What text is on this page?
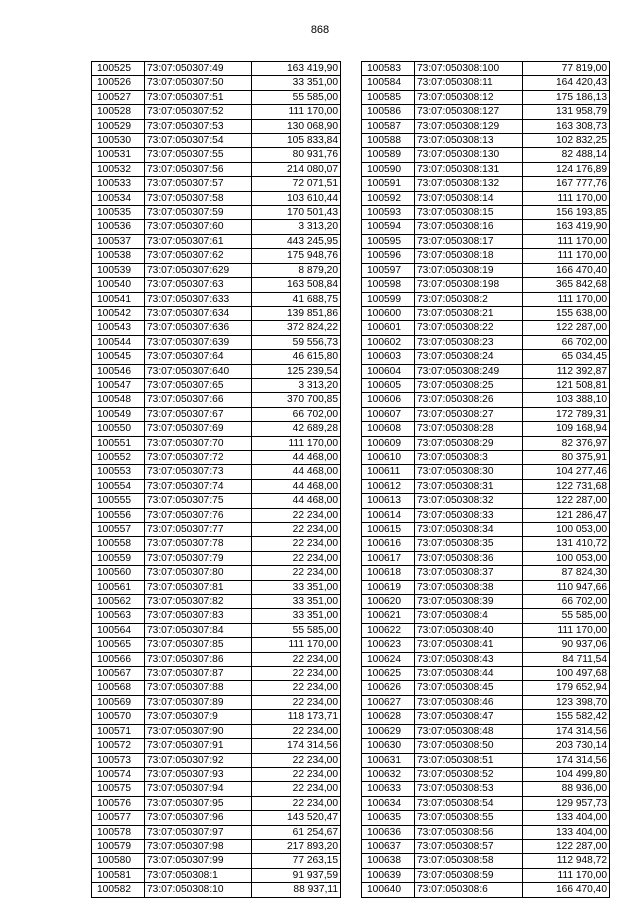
868
100525	73:07:050307:49	163 419,90
100526	73:07:050307:50	33 351,00
100527	73:07:050307:51	55 585,00
100528	73:07:050307:52	111 170,00
100529	73:07:050307:53	130 068,90
100530	73:07:050307:54	105 833,84
100531	73:07:050307:55	80 931,76
100532	73:07:050307:56	214 080,07
100533	73:07:050307:57	72 071,51
100534	73:07:050307:58	103 610,44
100535	73:07:050307:59	170 501,43
100536	73:07:050307:60	3 313,20
100537	73:07:050307:61	443 245,95
100538	73:07:050307:62	175 948,76
100539	73:07:050307:629	8 879,20
100540	73:07:050307:63	163 508,84
100541	73:07:050307:633	41 688,75
100542	73:07:050307:634	139 851,86
100543	73:07:050307:636	372 824,22
100544	73:07:050307:639	59 556,73
100545	73:07:050307:64	46 615,80
100546	73:07:050307:640	125 239,54
100547	73:07:050307:65	3 313,20
100548	73:07:050307:66	370 700,85
100549	73:07:050307:67	66 702,00
100550	73:07:050307:69	42 689,28
100551	73:07:050307:70	111 170,00
100552	73:07:050307:72	44 468,00
100553	73:07:050307:73	44 468,00
100554	73:07:050307:74	44 468,00
100555	73:07:050307:75	44 468,00
100556	73:07:050307:76	22 234,00
100557	73:07:050307:77	22 234,00
100558	73:07:050307:78	22 234,00
100559	73:07:050307:79	22 234,00
100560	73:07:050307:80	22 234,00
100561	73:07:050307:81	33 351,00
100562	73:07:050307:82	33 351,00
100563	73:07:050307:83	33 351,00
100564	73:07:050307:84	55 585,00
100565	73:07:050307:85	111 170,00
100566	73:07:050307:86	22 234,00
100567	73:07:050307:87	22 234,00
100568	73:07:050307:88	22 234,00
100569	73:07:050307:89	22 234,00
100570	73:07:050307:9	118 173,71
100571	73:07:050307:90	22 234,00
100572	73:07:050307:91	174 314,56
100573	73:07:050307:92	22 234,00
100574	73:07:050307:93	22 234,00
100575	73:07:050307:94	22 234,00
100576	73:07:050307:95	22 234,00
100577	73:07:050307:96	143 520,47
100578	73:07:050307:97	61 254,67
100579	73:07:050307:98	217 893,20
100580	73:07:050307:99	77 263,15
100581	73:07:050308:1	91 937,59
100582	73:07:050308:10	88 937,11
100583	73:07:050308:100	77 819,00
100584	73:07:050308:11	164 420,43
100585	73:07:050308:12	175 186,13
100586	73:07:050308:127	131 958,79
100587	73:07:050308:129	163 308,73
100588	73:07:050308:13	102 832,25
100589	73:07:050308:130	82 488,14
100590	73:07:050308:131	124 176,89
100591	73:07:050308:132	167 777,76
100592	73:07:050308:14	111 170,00
100593	73:07:050308:15	156 193,85
100594	73:07:050308:16	163 419,90
100595	73:07:050308:17	111 170,00
100596	73:07:050308:18	111 170,00
100597	73:07:050308:19	166 470,40
100598	73:07:050308:198	365 842,68
100599	73:07:050308:2	111 170,00
100600	73:07:050308:21	155 638,00
100601	73:07:050308:22	122 287,00
100602	73:07:050308:23	66 702,00
100603	73:07:050308:24	65 034,45
100604	73:07:050308:249	112 392,87
100605	73:07:050308:25	121 508,81
100606	73:07:050308:26	103 388,10
100607	73:07:050308:27	172 789,31
100608	73:07:050308:28	109 168,94
100609	73:07:050308:29	82 376,97
100610	73:07:050308:3	80 375,91
100611	73:07:050308:30	104 277,46
100612	73:07:050308:31	122 731,68
100613	73:07:050308:32	122 287,00
100614	73:07:050308:33	121 286,47
100615	73:07:050308:34	100 053,00
100616	73:07:050308:35	131 410,72
100617	73:07:050308:36	100 053,00
100618	73:07:050308:37	87 824,30
100619	73:07:050308:38	110 947,66
100620	73:07:050308:39	66 702,00
100621	73:07:050308:4	55 585,00
100622	73:07:050308:40	111 170,00
100623	73:07:050308:41	90 937,06
100624	73:07:050308:43	84 711,54
100625	73:07:050308:44	100 497,68
100626	73:07:050308:45	179 652,94
100627	73:07:050308:46	123 398,70
100628	73:07:050308:47	155 582,42
100629	73:07:050308:48	174 314,56
100630	73:07:050308:50	203 730,14
100631	73:07:050308:51	174 314,56
100632	73:07:050308:52	104 499,80
100633	73:07:050308:53	88 936,00
100634	73:07:050308:54	129 957,73
100635	73:07:050308:55	133 404,00
100636	73:07:050308:56	133 404,00
100637	73:07:050308:57	122 287,00
100638	73:07:050308:58	112 948,72
100639	73:07:050308:59	111 170,00
100640	73:07:050308:6	166 470,40
